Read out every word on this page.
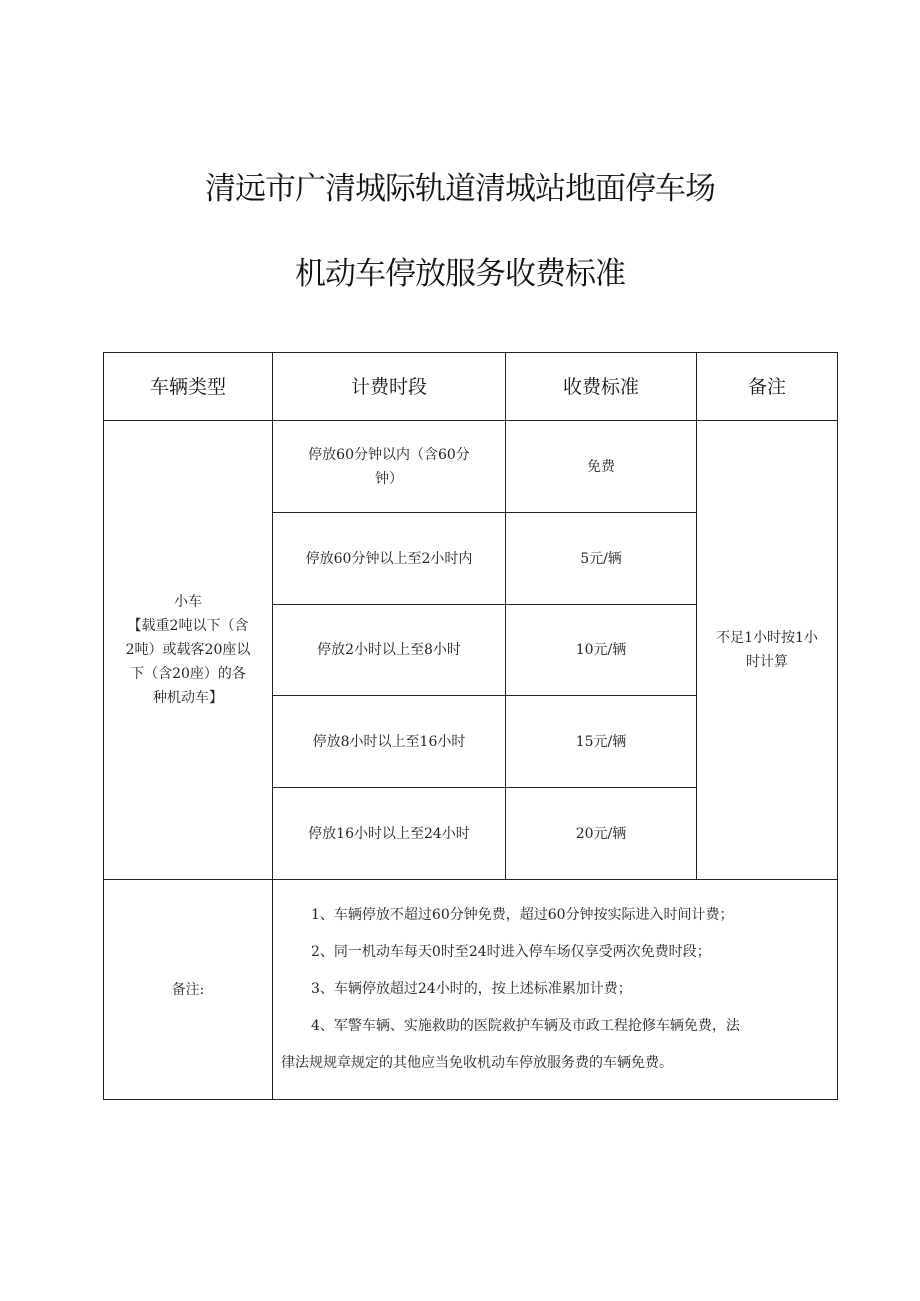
清远市广清城际轨道清城站地面停车场
机动车停放服务收费标准
车辆类型	计费时段	收费标准	备注

小车
【载重2吨以下（含
2吨）或载客20座以
下（含20座）的各
种机动车】	停放60分钟以内（含60分
钟）	免费	不足1小时按1小
时计算

	停放60分钟以上至2小时内	5元/辆	
	停放2小时以上至8小时	10元/辆	
	停放8小时以上至16小时	15元/辆	
	停放16小时以上至24小时	20元/辆	
备注:	1、车辆停放不超过60分钟免费，超过60分钟按实际进入时间计费；
2、同一机动车每天0时至24时进入停车场仅享受两次免费时段；
3、车辆停放超过24小时的，按上述标准累加计费；
4、军警车辆、实施救助的医院救护车辆及市政工程抢修车辆免费，法
律法规规章规定的其他应当免收机动车停放服务费的车辆免费。		
